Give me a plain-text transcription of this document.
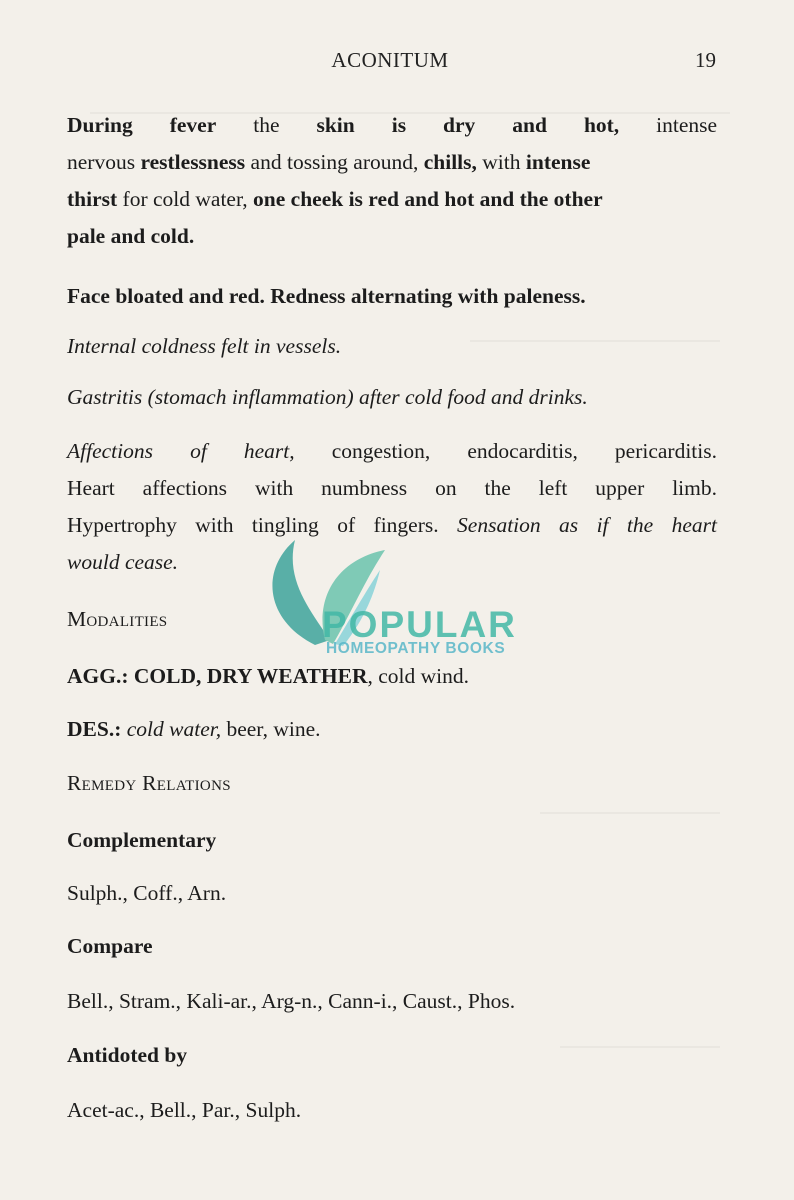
ACONITUM	19

During fever the skin is dry and hot, intense

nervous restlessness and tossing around, chills, with intense

thirst for cold water, one cheek is red and hot and the other

pale and cold.

Face bloated and red. Redness alternating with paleness.

Internal coldness felt in vessels.

Gastritis (stomach inflammation) after cold food and drinks.

Affections of heart, congestion, endocarditis, pericarditis.

Heart affections with numbness on the left upper limb.

Hypertrophy with tingling of fingers. Sensation as if the heart

would cease.

Modalities

AGG.: COLD, DRY WEATHER, cold wind.

DES.: cold water, beer, wine.

Remedy Relations

Complementary

Sulph., Coff., Arn.

Compare

Bell., Stram., Kali-ar., Arg-n., Cann-i., Caust., Phos.

Antidoted by

Acet-ac., Bell., Par., Sulph.

POPULAR
HOMEOPATHY BOOKS
